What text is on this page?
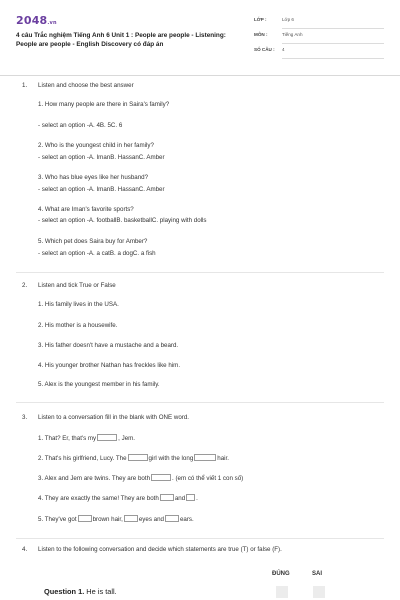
2048.vn
4 câu Trắc nghiệm Tiếng Anh 6 Unit 1 : People are people - Listening: People are people - English Discovery có đáp án
LỚP :	Lớp 6
MÔN :	Tiếng Anh
SỐ CÂU : 4
1. Listen and choose the best answer
1. How many people are there in Saira's family?
- select an option -A. 4B. 5C. 6
2. Who is the youngest child in her family?
- select an option -A. ImanB. HassanC. Amber
3. Who has blue eyes like her husband?
- select an option -A. ImanB. HassanC. Amber
4. What are Iman's favorite sports?
- select an option -A. footballB. basketballC. playing with dolls
5. Which pet does Saira buy for Amber?
- select an option -A. a catB. a dogC. a fish
2. Listen and tick True or False
1. His family lives in the USA.
2. His mother is a housewife.
3. His father doesn't have a mustache and a beard.
4. His younger brother Nathan has freckles like him.
5. Alex is the youngest member in his family.
3. Listen to a conversation fill in the blank with ONE word.
1. That? Er, that's my	, Jem.
2. That's his girlfriend, Lucy. The	girl with the long	hair.
3. Alex and Jem are twins. They are both	. (em có thể viết 1 con số)
4. They are exactly the same! They are both	and .
5. They've got	brown hair,	eyes and	ears.
4. Listen to the following conversation and decide which statements are true (T) or false (F).
ĐÚNG	SAI
Question 1. He is tall.
